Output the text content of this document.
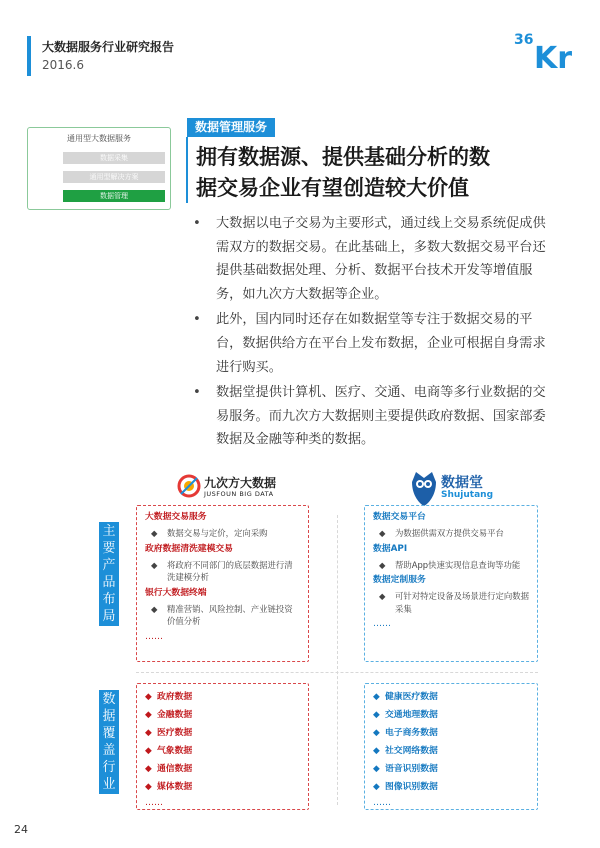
大数据服务行业研究报告
2016.6
36
Kr
通用型大数据服务
数据采集
通用型解决方案
数据管理
数据管理服务
拥有数据源、提供基础分析的数
据交易企业有望创造较大价值
• 大数据以电子交易为主要形式，通过线上交易系统促成供需双方的数据交易。在此基础上，多数大数据交易平台还提供基础数据处理、分析、数据平台技术开发等增值服务，如九次方大数据等企业。
• 此外，国内同时还存在如数据堂等专注于数据交易的平台，数据供给方在平台上发布数据，企业可根据自身需求进行购买。
• 数据堂提供计算机、医疗、交通、电商等多行业数据的交易服务。而九次方大数据则主要提供政府数据、国家部委数据及金融等种类的数据。
九次方大数据
JUSFOUN BIG DATA
数据堂
Shujutang
主要产品布局
数据覆盖行业
大数据交易服务
◆ 数据交易与定价，定向采购
政府数据清洗建模交易
◆ 将政府不同部门的底层数据进行清洗建模分析
银行大数据终端
◆ 精准营销、风险控制、产业链投资价值分析
……
数据交易平台
◆ 为数据供需双方提供交易平台
数据API
◆ 帮助App快速实现信息查询等功能
数据定制服务
◆ 可针对特定设备及场景进行定向数据采集
……
◆ 政府数据
◆ 金融数据
◆ 医疗数据
◆ 气象数据
◆ 通信数据
◆ 媒体数据
……
◆ 健康医疗数据
◆ 交通地理数据
◆ 电子商务数据
◆ 社交网络数据
◆ 语音识别数据
◆ 图像识别数据
……
24
